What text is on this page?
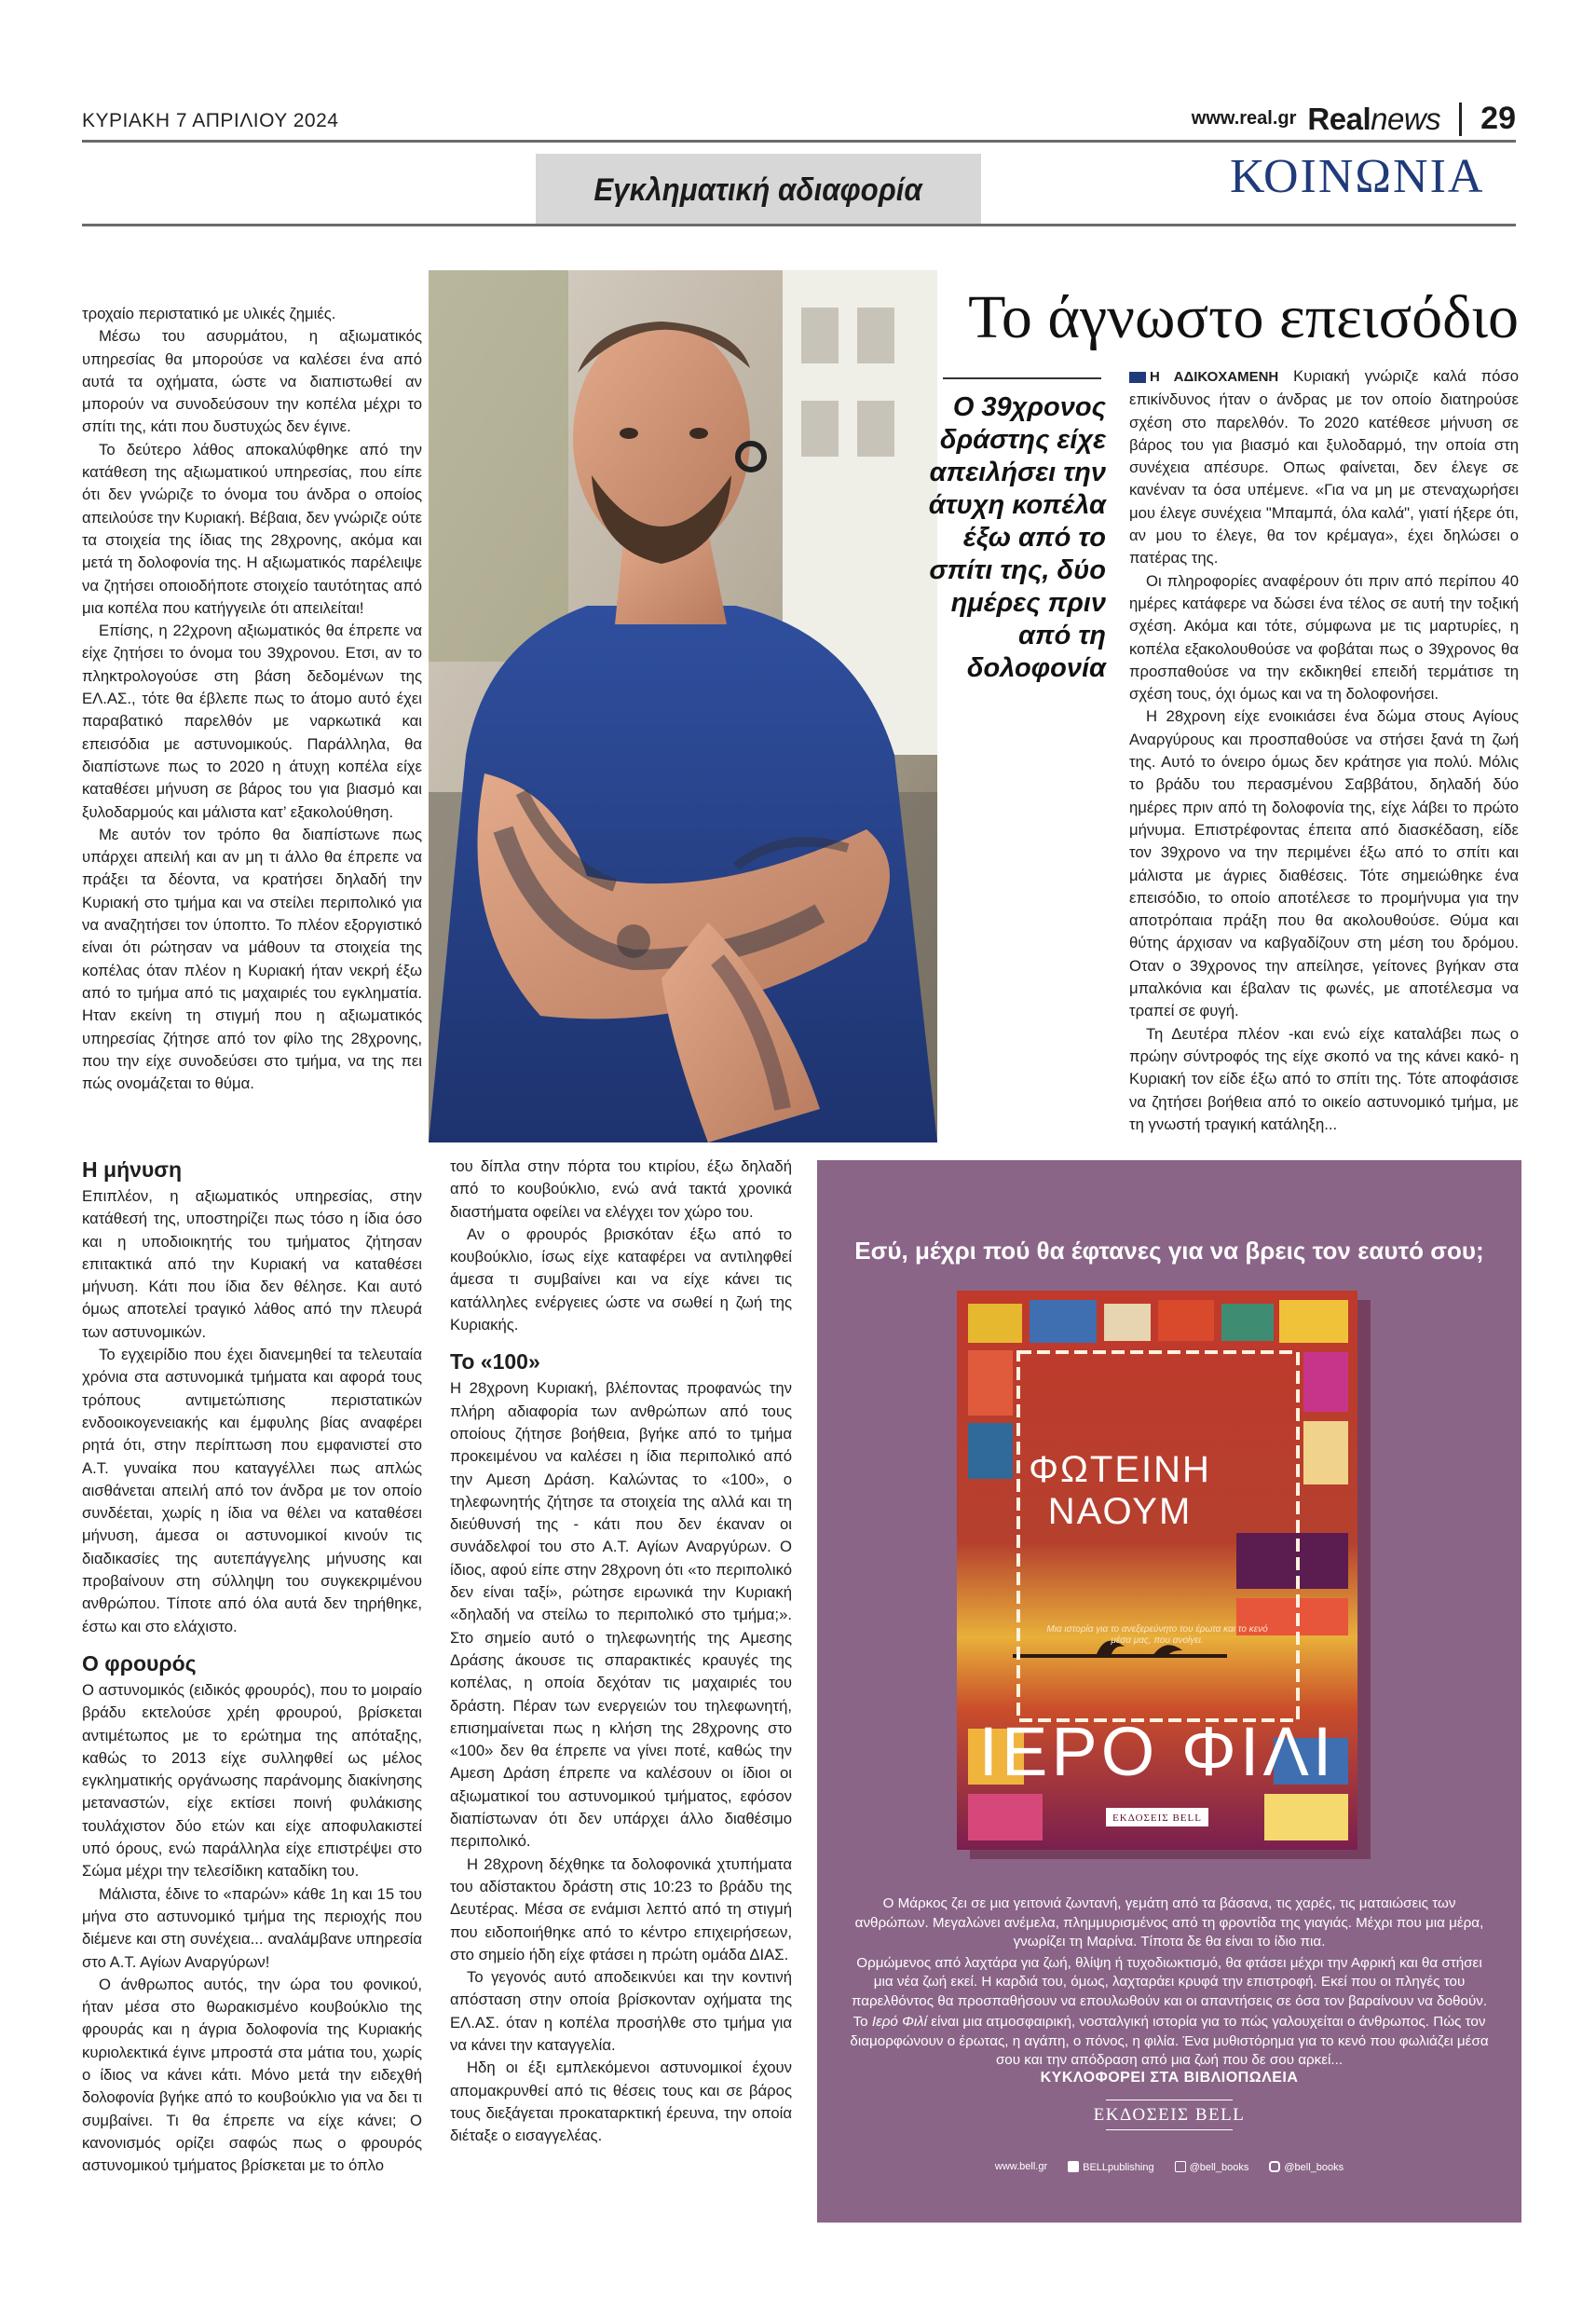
ΚΥΡΙΑΚΗ 7 ΑΠΡΙΛΙΟΥ 2024	www.real.gr Realnews 29
Εγκληματική αδιαφορία	ΚΟΙΝΩΝΙΑ

τροχαίο περιστατικό με υλικές ζημιές.

Μέσω του ασυρμάτου, η αξιωματικός υπηρεσίας θα μπορούσε να καλέσει ένα από αυτά τα οχήματα, ώστε να διαπιστωθεί αν μπορούν να συνοδεύσουν την κοπέλα μέχρι το σπίτι της, κάτι που δυστυχώς δεν έγινε.

Το δεύτερο λάθος αποκαλύφθηκε από την κατάθεση της αξιωματικού υπηρεσίας, που είπε ότι δεν γνώριζε το όνομα του άνδρα ο οποίος απειλούσε την Κυριακή. Βέβαια, δεν γνώριζε ούτε τα στοιχεία της ίδιας της 28χρονης, ακόμα και μετά τη δολοφονία της. Η αξιωματικός παρέλειψε να ζητήσει οποιοδήποτε στοιχείο ταυτότητας από μια κοπέλα που κατήγγειλε ότι απειλείται!

Επίσης, η 22χρονη αξιωματικός θα έπρεπε να είχε ζητήσει το όνομα του 39χρονου. Ετσι, αν το πληκτρολογούσε στη βάση δεδομένων της ΕΛ.ΑΣ., τότε θα έβλεπε πως το άτομο αυτό έχει παραβατικό παρελθόν με ναρκωτικά και επεισόδια με αστυνομικούς. Παράλληλα, θα διαπίστωνε πως το 2020 η άτυχη κοπέλα είχε καταθέσει μήνυση σε βάρος του για βιασμό και ξυλοδαρμούς και μάλιστα κατ’ εξακολούθηση.

Με αυτόν τον τρόπο θα διαπίστωνε πως υπάρχει απειλή και αν μη τι άλλο θα έπρεπε να πράξει τα δέοντα, να κρατήσει δηλαδή την Κυριακή στο τμήμα και να στείλει περιπολικό για να αναζητήσει τον ύποπτο. Το πλέον εξοργιστικό είναι ότι ρώτησαν να μάθουν τα στοιχεία της κοπέλας όταν πλέον η Κυριακή ήταν νεκρή έξω από το τμήμα από τις μαχαιριές του εγκληματία. Ηταν εκείνη τη στιγμή που η αξιωματικός υπηρεσίας ζήτησε από τον φίλο της 28χρονης, που την είχε συνοδεύσει στο τμήμα, να της πει πώς ονομάζεται το θύμα.

Το άγνωστο επεισόδιο
Ο 39χρονος δράστης είχε απειλήσει την άτυχη κοπέλα έξω από το σπίτι της, δύο ημέρες πριν από τη δολοφονία

Η ΑΔΙΚΟΧΑΜΕΝΗ Κυριακή γνώριζε καλά πόσο επικίνδυνος ήταν ο άνδρας με τον οποίο διατηρούσε σχέση στο παρελθόν. Το 2020 κατέθεσε μήνυση σε βάρος του για βιασμό και ξυλοδαρμό, την οποία στη συνέχεια απέσυρε. Οπως φαίνεται, δεν έλεγε σε κανέναν τα όσα υπέμενε. «Για να μη με στεναχωρήσει μου έλεγε συνέχεια "Μπαμπά, όλα καλά", γιατί ήξερε ότι, αν μου το έλεγε, θα τον κρέμαγα», έχει δηλώσει ο πατέρας της.

Οι πληροφορίες αναφέρουν ότι πριν από περίπου 40 ημέρες κατάφερε να δώσει ένα τέλος σε αυτή την τοξική σχέση. Ακόμα και τότε, σύμφωνα με τις μαρτυρίες, η κοπέλα εξακολουθούσε να φοβάται πως ο 39χρονος θα προσπαθούσε να την εκδικηθεί επειδή τερμάτισε τη σχέση τους, όχι όμως και να τη δολοφονήσει.

Η 28χρονη είχε ενοικιάσει ένα δώμα στους Αγίους Αναργύρους και προσπαθούσε να στήσει ξανά τη ζωή της. Αυτό το όνειρο όμως δεν κράτησε για πολύ. Μόλις το βράδυ του περασμένου Σαββάτου, δηλαδή δύο ημέρες πριν από τη δολοφονία της, είχε λάβει το πρώτο μήνυμα. Επιστρέφοντας έπειτα από διασκέδαση, είδε τον 39χρονο να την περιμένει έξω από το σπίτι και μάλιστα με άγριες διαθέσεις. Τότε σημειώθηκε ένα επεισόδιο, το οποίο αποτέλεσε το προμήνυμα για την αποτρόπαια πράξη που θα ακολουθούσε. Θύμα και θύτης άρχισαν να καβγαδίζουν στη μέση του δρόμου. Οταν ο 39χρονος την απείλησε, γείτονες βγήκαν στα μπαλκόνια και έβαλαν τις φωνές, με αποτέλεσμα να τραπεί σε φυγή.

Τη Δευτέρα πλέον -και ενώ είχε καταλάβει πως ο πρώην σύντροφός της είχε σκοπό να της κάνει κακό- η Κυριακή τον είδε έξω από το σπίτι της. Τότε αποφάσισε να ζητήσει βοήθεια από το οικείο αστυνομικό τμήμα, με τη γνωστή τραγική κατάληξη...

Η μήνυση

Επιπλέον, η αξιωματικός υπηρεσίας, στην κατάθεσή της, υποστηρίζει πως τόσο η ίδια όσο και η υποδιοικητής του τμήματος ζήτησαν επιτακτικά από την Κυριακή να καταθέσει μήνυση. Κάτι που ίδια δεν θέλησε. Και αυτό όμως αποτελεί τραγικό λάθος από την πλευρά των αστυνομικών.

Το εγχειρίδιο που έχει διανεμηθεί τα τελευταία χρόνια στα αστυνομικά τμήματα και αφορά τους τρόπους αντιμετώπισης περιστατικών ενδοοικογενειακής και έμφυλης βίας αναφέρει ρητά ότι, στην περίπτωση που εμφανιστεί στο Α.Τ. γυναίκα που καταγγέλλει πως απλώς αισθάνεται απειλή από τον άνδρα με τον οποίο συνδέεται, χωρίς η ίδια να θέλει να καταθέσει μήνυση, άμεσα οι αστυνομικοί κινούν τις διαδικασίες της αυτεπάγγελης μήνυσης και προβαίνουν στη σύλληψη του συγκεκριμένου ανθρώπου. Τίποτε από όλα αυτά δεν τηρήθηκε, έστω και στο ελάχιστο.

Ο φρουρός

Ο αστυνομικός (ειδικός φρουρός), που το μοιραίο βράδυ εκτελούσε χρέη φρουρού, βρίσκεται αντιμέτωπος με το ερώτημα της απόταξης, καθώς το 2013 είχε συλληφθεί ως μέλος εγκληματικής οργάνωσης παράνομης διακίνησης μεταναστών, είχε εκτίσει ποινή φυλάκισης τουλάχιστον δύο ετών και είχε αποφυλακιστεί υπό όρους, ενώ παράλληλα είχε επιστρέψει στο Σώμα μέχρι την τελεσίδικη καταδίκη του.

Μάλιστα, έδινε το «παρών» κάθε 1η και 15 του μήνα στο αστυνομικό τμήμα της περιοχής που διέμενε και στη συνέχεια... αναλάμβανε υπηρεσία στο Α.Τ. Αγίων Αναργύρων!

Ο άνθρωπος αυτός, την ώρα του φονικού, ήταν μέσα στο θωρακισμένο κουβούκλιο της φρουράς και η άγρια δολοφονία της Κυριακής κυριολεκτικά έγινε μπροστά στα μάτια του, χωρίς ο ίδιος να κάνει κάτι. Μόνο μετά την ειδεχθή δολοφονία βγήκε από το κουβούκλιο για να δει τι συμβαίνει. Τι θα έπρεπε να είχε κάνει; Ο κανονισμός ορίζει σαφώς πως ο φρουρός αστυνομικού τμήματος βρίσκεται με το όπλο

του δίπλα στην πόρτα του κτιρίου, έξω δηλαδή από το κουβούκλιο, ενώ ανά τακτά χρονικά διαστήματα οφείλει να ελέγχει τον χώρο του.

Αν ο φρουρός βρισκόταν έξω από το κουβούκλιο, ίσως είχε καταφέρει να αντιληφθεί άμεσα τι συμβαίνει και να είχε κάνει τις κατάλληλες ενέργειες ώστε να σωθεί η ζωή της Κυριακής.

Το «100»

Η 28χρονη Κυριακή, βλέποντας προφανώς την πλήρη αδιαφορία των ανθρώπων από τους οποίους ζήτησε βοήθεια, βγήκε από το τμήμα προκειμένου να καλέσει η ίδια περιπολικό από την Αμεση Δράση. Καλώντας το «100», ο τηλεφωνητής ζήτησε τα στοιχεία της αλλά και τη διεύθυνσή της - κάτι που δεν έκαναν οι συνάδελφοί του στο Α.Τ. Αγίων Αναργύρων. Ο ίδιος, αφού είπε στην 28χρονη ότι «το περιπολικό δεν είναι ταξί», ρώτησε ειρωνικά την Κυριακή «δηλαδή να στείλω το περιπολικό στο τμήμα;». Στο σημείο αυτό ο τηλεφωνητής της Αμεσης Δράσης άκουσε τις σπαρακτικές κραυγές της κοπέλας, η οποία δεχόταν τις μαχαιριές του δράστη. Πέραν των ενεργειών του τηλεφωνητή, επισημαίνεται πως η κλήση της 28χρονης στο «100» δεν θα έπρεπε να γίνει ποτέ, καθώς την Αμεση Δράση έπρεπε να καλέσουν οι ίδιοι οι αξιωματικοί του αστυνομικού τμήματος, εφόσον διαπίστωναν ότι δεν υπάρχει άλλο διαθέσιμο περιπολικό.

Η 28χρονη δέχθηκε τα δολοφονικά χτυπήματα του αδίστακτου δράστη στις 10:23 το βράδυ της Δευτέρας. Μέσα σε ενάμισι λεπτό από τη στιγμή που ειδοποιήθηκε από το κέντρο επιχειρήσεων, στο σημείο ήδη είχε φτάσει η πρώτη ομάδα ΔΙΑΣ.

Το γεγονός αυτό αποδεικνύει και την κοντινή απόσταση στην οποία βρίσκονταν οχήματα της ΕΛ.ΑΣ. όταν η κοπέλα προσήλθε στο τμήμα για να κάνει την καταγγελία.

Ηδη οι έξι εμπλεκόμενοι αστυνομικοί έχουν απομακρυνθεί από τις θέσεις τους και σε βάρος τους διεξάγεται προκαταρκτική έρευνα, την οποία διέταξε ο εισαγγελέας.

Εσύ, μέχρι πού θα έφτανες για να βρεις τον εαυτό σου;
ΦΩΤΕΙΝΗ
ΝΑΟΥΜ
Μια ιστορία για το ανεξερεύνητο του έρωτα και το κενό μέσα μας, που ανοίγει.
ΙΕΡΟ ΦΙΛΙ
ΕΚΔΟΣΕΙΣ BELL

Ο Μάρκος ζει σε μια γειτονιά ζωντανή, γεμάτη από τα βάσανα, τις χαρές, τις ματαιώσεις των ανθρώπων. Μεγαλώνει ανέμελα, πλημμυρισμένος από τη φροντίδα της γιαγιάς. Μέχρι που μια μέρα, γνωρίζει τη Μαρίνα. Τίποτα δε θα είναι το ίδιο πια.

Ορμώμενος από λαχτάρα για ζωή, θλίψη ή τυχοδιωκτισμό, θα φτάσει μέχρι την Αφρική και θα στήσει μια νέα ζωή εκεί. Η καρδιά του, όμως, λαχταράει κρυφά την επιστροφή. Εκεί που οι πληγές του παρελθόντος θα προσπαθήσουν να επουλωθούν και οι απαντήσεις σε όσα τον βαραίνουν να δοθούν.

Το Ιερό Φιλί είναι μια ατμοσφαιρική, νοσταλγική ιστορία για το πώς γαλουχείται ο άνθρωπος. Πώς τον διαμορφώνουν ο έρωτας, η αγάπη, ο πόνος, η φιλία. Ένα μυθιστόρημα για το κενό που φωλιάζει μέσα σου και την απόδραση από μια ζωή που δε σου αρκεί...

ΚΥΚΛΟΦΟΡΕΙ ΣΤΑ ΒΙΒΛΙΟΠΩΛΕΙΑ
ΕΚΔΟΣΕΙΣ BELL
www.bell.gr	BELLpublishing	@bell_books	@bell_books
